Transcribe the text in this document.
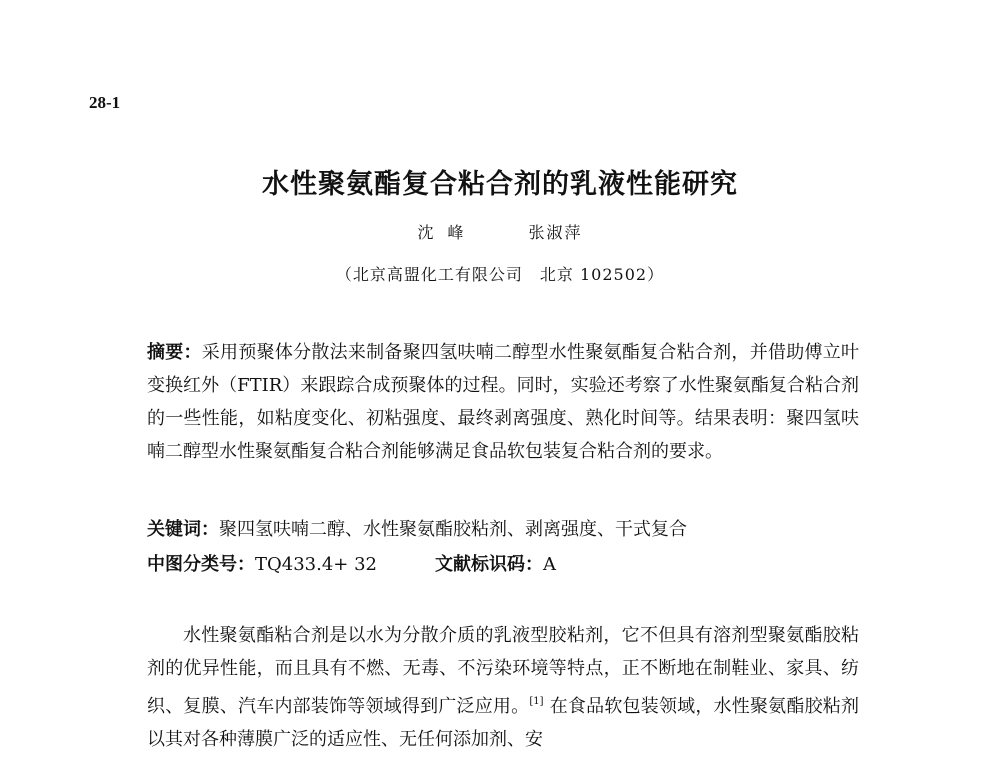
28-1
水性聚氨酯复合粘合剂的乳液性能研究
沈峰	张淑萍
（北京高盟化工有限公司　北京 102502）
摘要：采用预聚体分散法来制备聚四氢呋喃二醇型水性聚氨酯复合粘合剂，并借助傅立叶变换红外（FTIR）来跟踪合成预聚体的过程。同时，实验还考察了水性聚氨酯复合粘合剂的一些性能，如粘度变化、初粘强度、最终剥离强度、熟化时间等。结果表明：聚四氢呋喃二醇型水性聚氨酯复合粘合剂能够满足食品软包装复合粘合剂的要求。
关键词：聚四氢呋喃二醇、水性聚氨酯胶粘剂、剥离强度、干式复合
中图分类号：TQ433.4+ 32	文献标识码：A
水性聚氨酯粘合剂是以水为分散介质的乳液型胶粘剂，它不但具有溶剂型聚氨酯胶粘剂的优异性能，而且具有不燃、无毒、不污染环境等特点，正不断地在制鞋业、家具、纺织、复膜、汽车内部装饰等领域得到广泛应用。[1] 在食品软包装领域，水性聚氨酯胶粘剂以其对各种薄膜广泛的适应性、无任何添加剂、安
